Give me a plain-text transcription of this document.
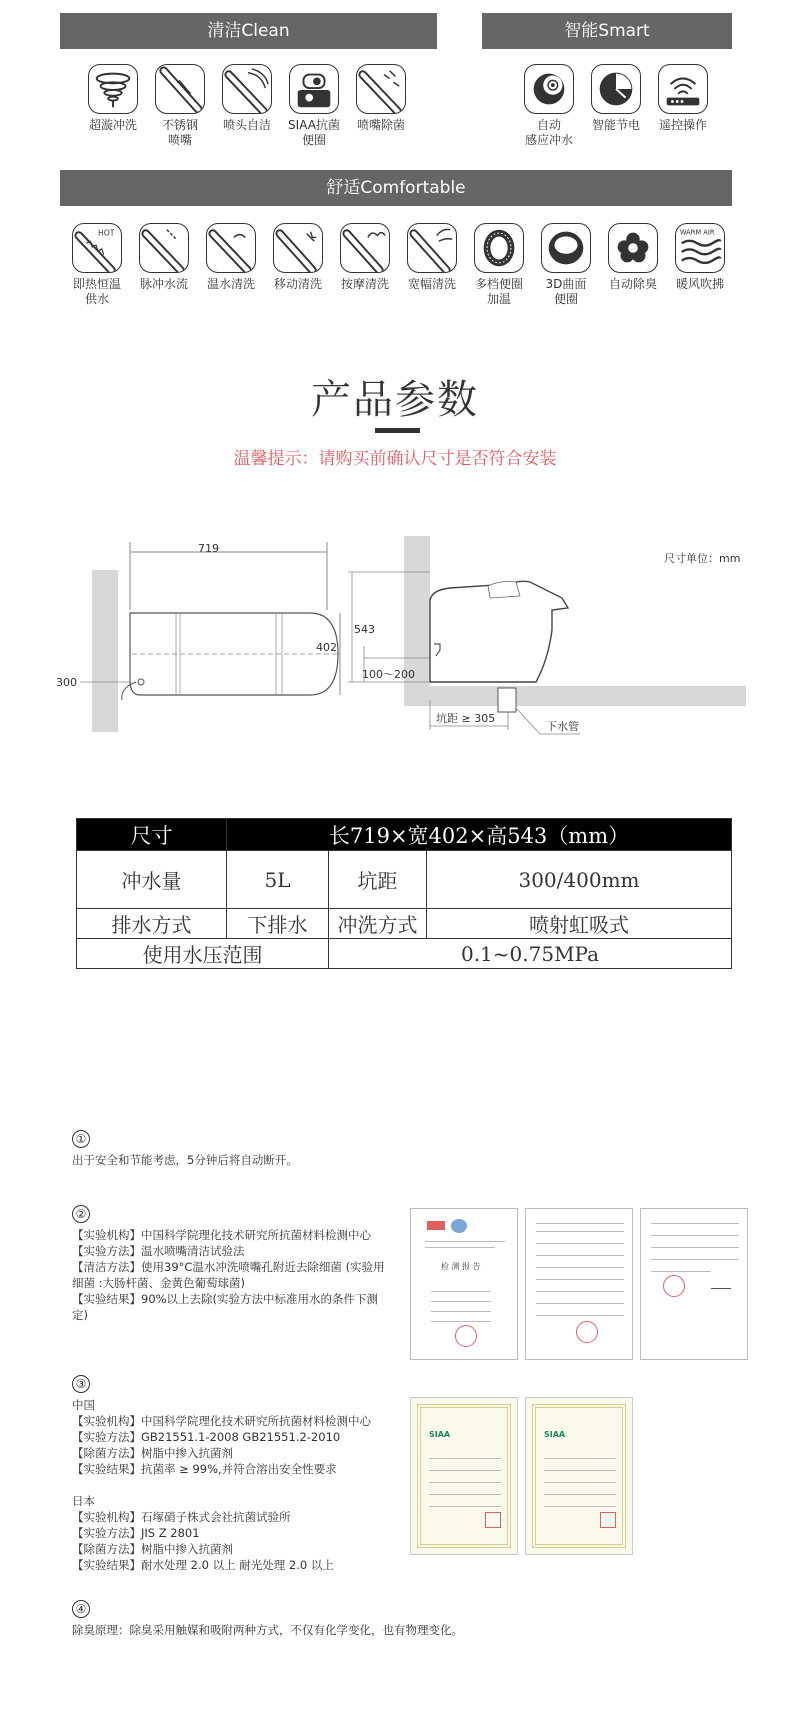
清洁Clean	智能Smart
舒适Comfortable
超漩冲洗	不锈钢
喷嘴
喷头自洁	SIAA抗菌
便圈
喷嘴除菌	自动
感应冲水
智能节电	遥控操作
HOT
即热恒温
供水
脉冲水流	温水清洗	移动清洗	按摩清洗	宽幅清洗	多档便圈
加温
3D曲面
便圈
自动除臭
WARM AIR
暖风吹拂
产品参数
温馨提示：请购买前确认尺寸是否符合安装
尺寸单位：mm
719
402
300
543
100～200
坑距 ≥ 305
下水管
尺寸	长719×宽402×高543（mm）		
冲水量	5L	坑距	300/400mm
排水方式	下排水	冲洗方式	喷射虹吸式
使用水压范围		0.1~0.75MPa	
①
出于安全和节能考虑，5分钟后将自动断开。
②
【实验机构】中国科学院理化技术研究所抗菌材料检测中心
【实验方法】温水喷嘴清洁试验法
【清洁方法】使用39°C温水冲洗喷嘴孔附近去除细菌 (实验用
细菌 :大肠杆菌、金黄色葡萄球菌)
【实验结果】90%以上去除(实验方法中标准用水的条件下测
定)
检 测 报 告
③
中国
【实验机构】中国科学院理化技术研究所抗菌材料检测中心
【实验方法】GB21551.1-2008 GB21551.2-2010
【除菌方法】树脂中掺入抗菌剂
【实验结果】抗菌率 ≥ 99%,并符合溶出安全性要求
日本
【实验机构】石塚硝子株式会社抗菌试验所
【实验方法】JIS Z 2801
【除菌方法】树脂中掺入抗菌剂
【实验结果】耐水处理 2.0 以上 耐光处理 2.0 以上
SIAA	SIAA
④
除臭原理：除臭采用触媒和吸附两种方式，不仅有化学变化，也有物理变化。
